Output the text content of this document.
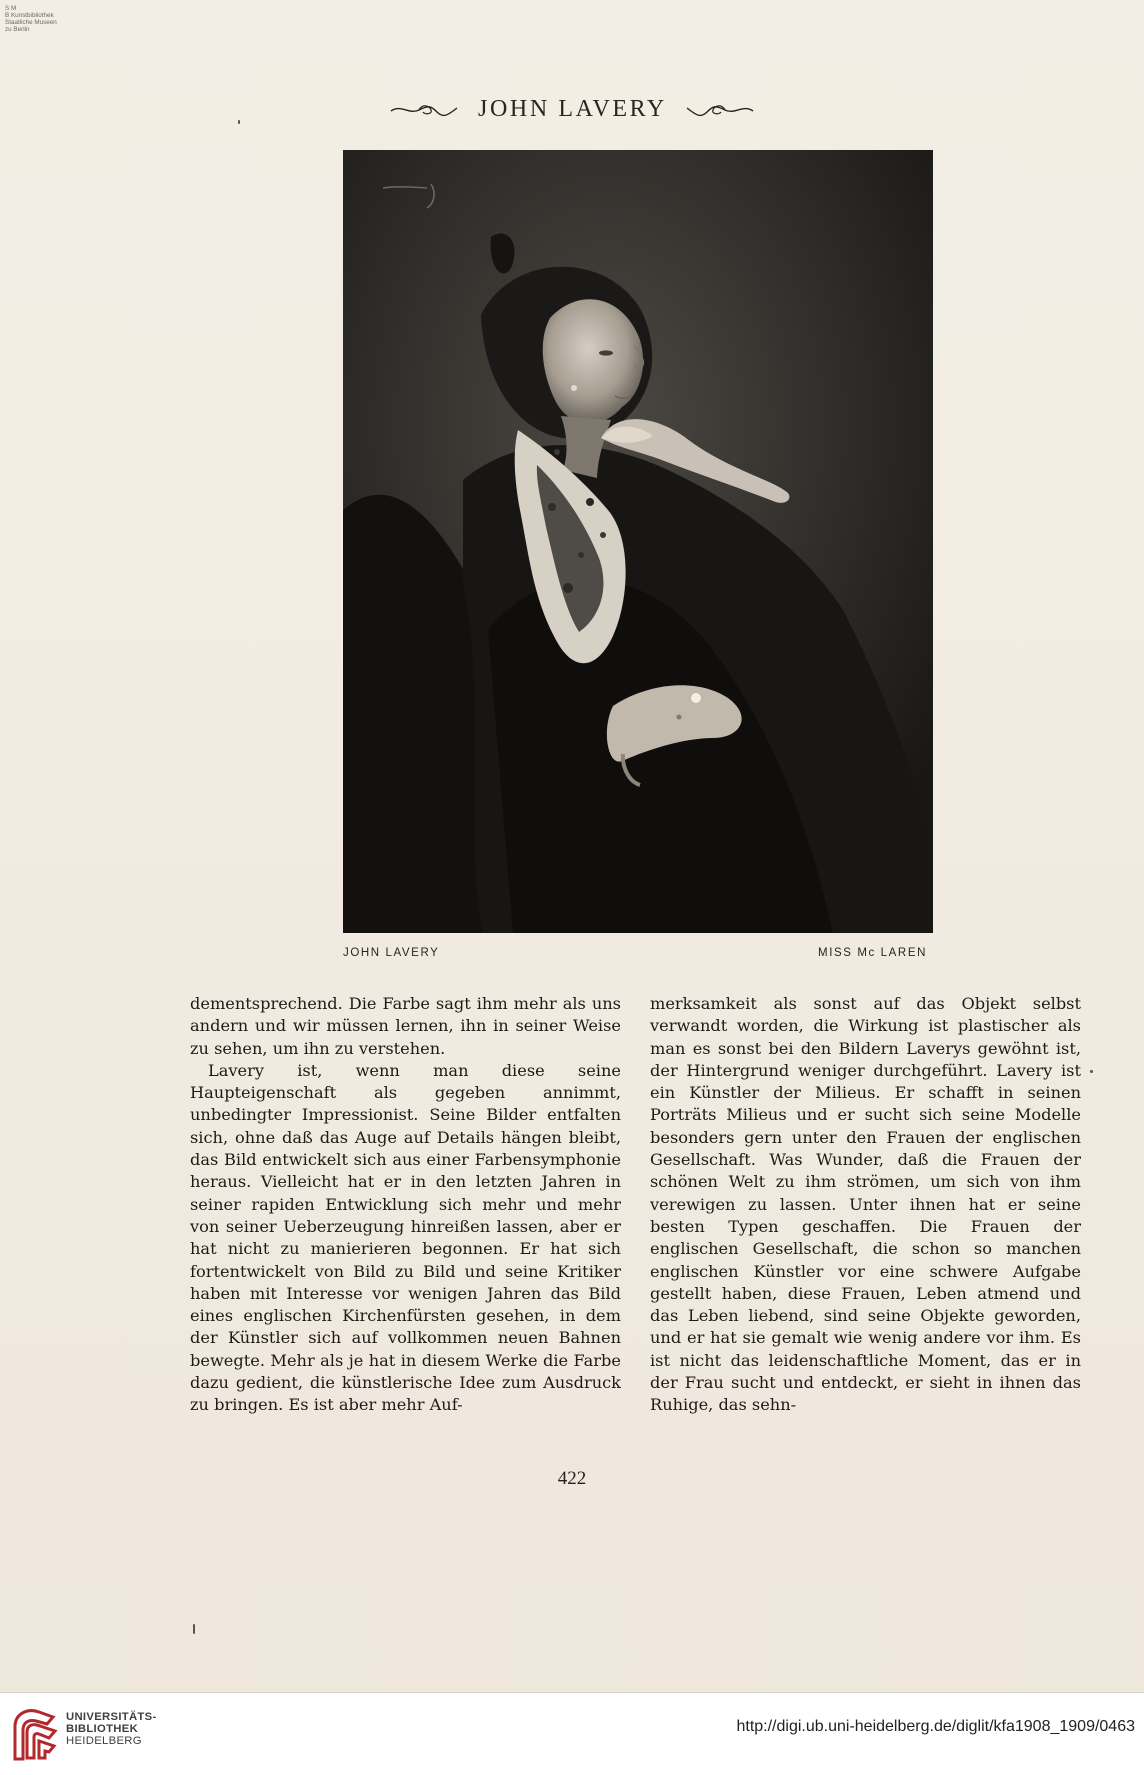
S M
B Kunstbibliothek
Staatliche Museen
zu Berlin
JOHN LAVERY
JOHN LAVERY	MISS Mc LAREN

dementsprechend. Die Farbe sagt ihm mehr als uns andern und wir müssen lernen, ihn in seiner Weise zu sehen, um ihn zu verstehen.

Lavery ist, wenn man diese seine Haupteigenschaft als gegeben annimmt, unbedingter Impressionist. Seine Bilder entfalten sich, ohne daß das Auge auf Details hängen bleibt, das Bild entwickelt sich aus einer Farbensymphonie heraus. Vielleicht hat er in den letzten Jahren in seiner rapiden Entwicklung sich mehr und mehr von seiner Ueberzeugung hinreißen lassen, aber er hat nicht zu manierieren begonnen. Er hat sich fortentwickelt von Bild zu Bild und seine Kritiker haben mit Interesse vor wenigen Jahren das Bild eines englischen Kirchenfürsten gesehen, in dem der Künstler sich auf vollkommen neuen Bahnen bewegte. Mehr als je hat in diesem Werke die Farbe dazu gedient, die künstlerische Idee zum Ausdruck zu bringen. Es ist aber mehr Auf-

merksamkeit als sonst auf das Objekt selbst verwandt worden, die Wirkung ist plastischer als man es sonst bei den Bildern Laverys gewöhnt ist, der Hintergrund weniger durchgeführt. Lavery ist ein Künstler der Milieus. Er schafft in seinen Porträts Milieus und er sucht sich seine Modelle besonders gern unter den Frauen der englischen Gesellschaft. Was Wunder, daß die Frauen der schönen Welt zu ihm strömen, um sich von ihm verewigen zu lassen. Unter ihnen hat er seine besten Typen geschaffen. Die Frauen der englischen Gesellschaft, die schon so manchen englischen Künstler vor eine schwere Aufgabe gestellt haben, diese Frauen, Leben atmend und das Leben liebend, sind seine Objekte geworden, und er hat sie gemalt wie wenig andere vor ihm. Es ist nicht das leidenschaftliche Moment, das er in der Frau sucht und entdeckt, er sieht in ihnen das Ruhige, das sehn-

422
UNIVERSITÄTS-
BIBLIOTHEK
HEIDELBERG
http://digi.ub.uni-heidelberg.de/diglit/kfa1908_1909/0463
